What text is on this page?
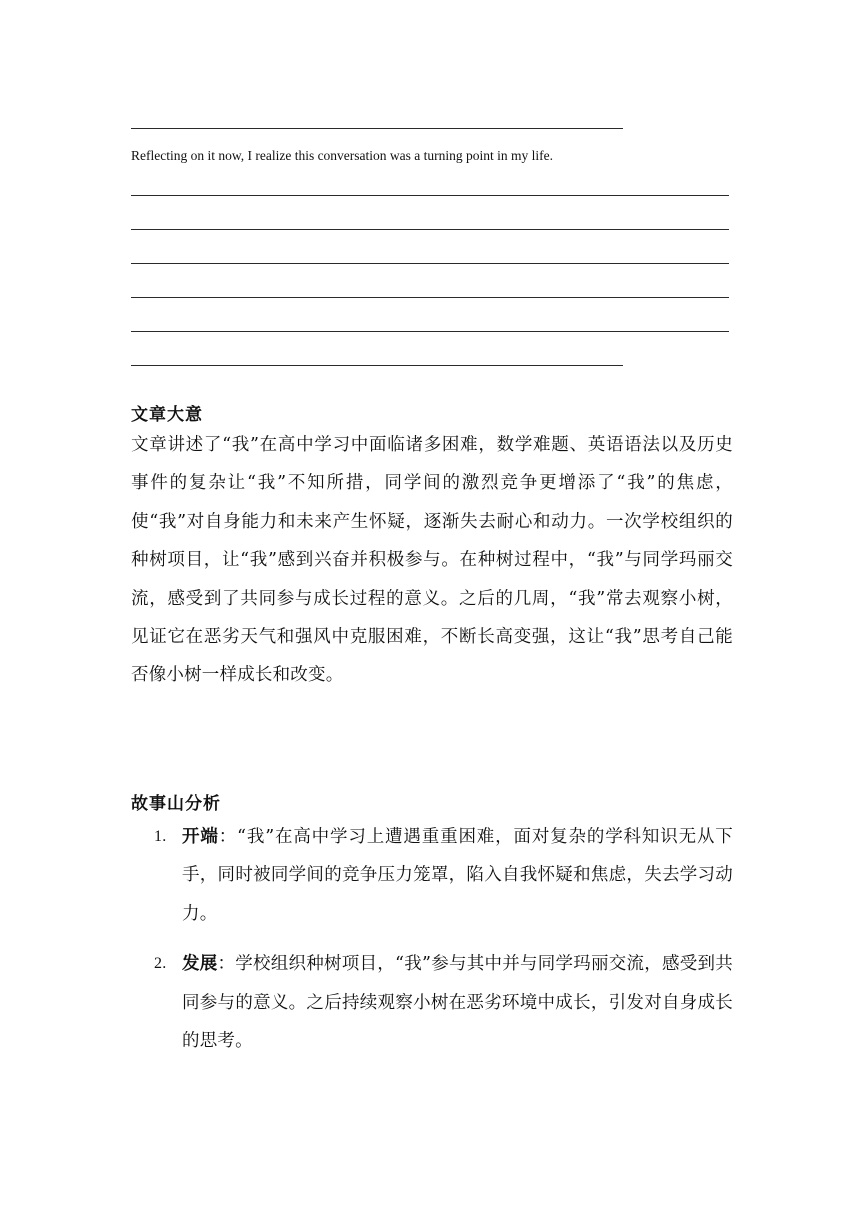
Reflecting on it now, I realize this conversation was a turning point in my life.
文章大意
文章讲述了“我”在高中学习中面临诸多困难，数学难题、英语语法以及历史事件的复杂让“我”不知所措，同学间的激烈竞争更增添了“我”的焦虑，使“我”对自身能力和未来产生怀疑，逐渐失去耐心和动力。一次学校组织的种树项目，让“我”感到兴奋并积极参与。在种树过程中，“我”与同学玛丽交流，感受到了共同参与成长过程的意义。之后的几周，“我”常去观察小树，见证它在恶劣天气和强风中克服困难，不断长高变强，这让“我”思考自己能否像小树一样成长和改变。
故事山分析
1. 开端：“我”在高中学习上遭遇重重困难，面对复杂的学科知识无从下手，同时被同学间的竞争压力笼罩，陷入自我怀疑和焦虑，失去学习动力。
2. 发展：学校组织种树项目，“我”参与其中并与同学玛丽交流，感受到共同参与的意义。之后持续观察小树在恶劣环境中成长，引发对自身成长的思考。
